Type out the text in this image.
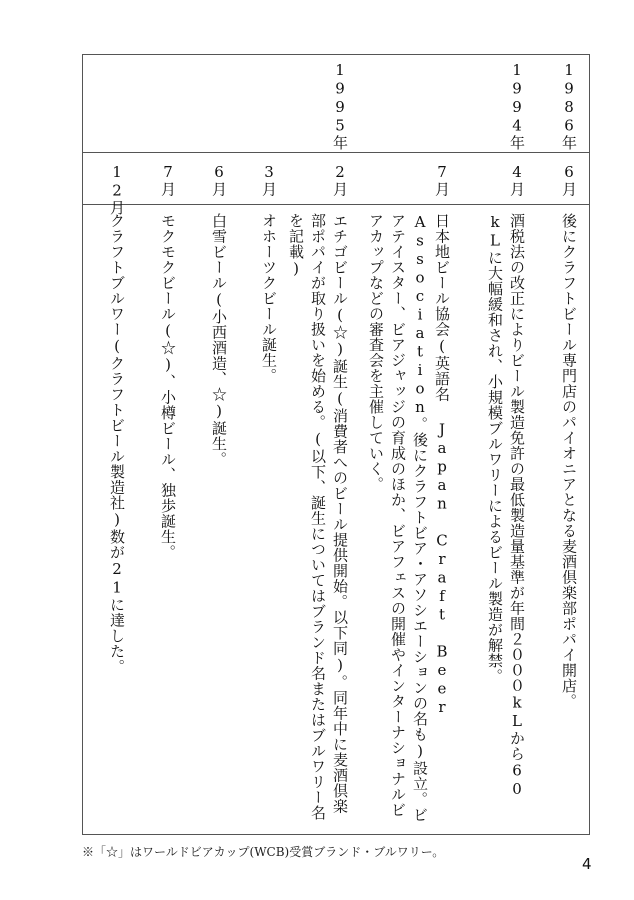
1986年
6月
後にクラフトビール専門店のパイオニアとなる麦酒倶楽部ポパイ開店。
1994年
4月
酒税法の改正によりビール製造免許の最低製造量基準が年間２０００kLから60 kLに大幅緩和され、小規模ブルワリーによるビール製造が解禁。
7月
日本地ビール協会(英語名 Japan Craft Beer Association。後にクラフトビア・アソシエーションの名も)設立。ビアテイスター、ビアジャッジの育成のほか、ビアフェスの開催やインターナショナルビアカップなどの審査会を主催していく。
1995年
2月
エチゴビール(☆)誕生(消費者へのビール提供開始。以下同)。同年中に麦酒倶楽部ポパイが取り扱いを始める。(以下、誕生についてはブランド名またはブルワリー名を記載)
3月
オホーツクビール誕生。
6月
白雪ビール(小西酒造、☆)誕生。
7月
モクモクビール(☆)、小樽ビール、独歩誕生。
12月
クラフトブルワー(クラフトビール製造社)数が21に達した。
※「☆」はワールドビアカップ(WCB)受賞ブランド・ブルワリー。
4
